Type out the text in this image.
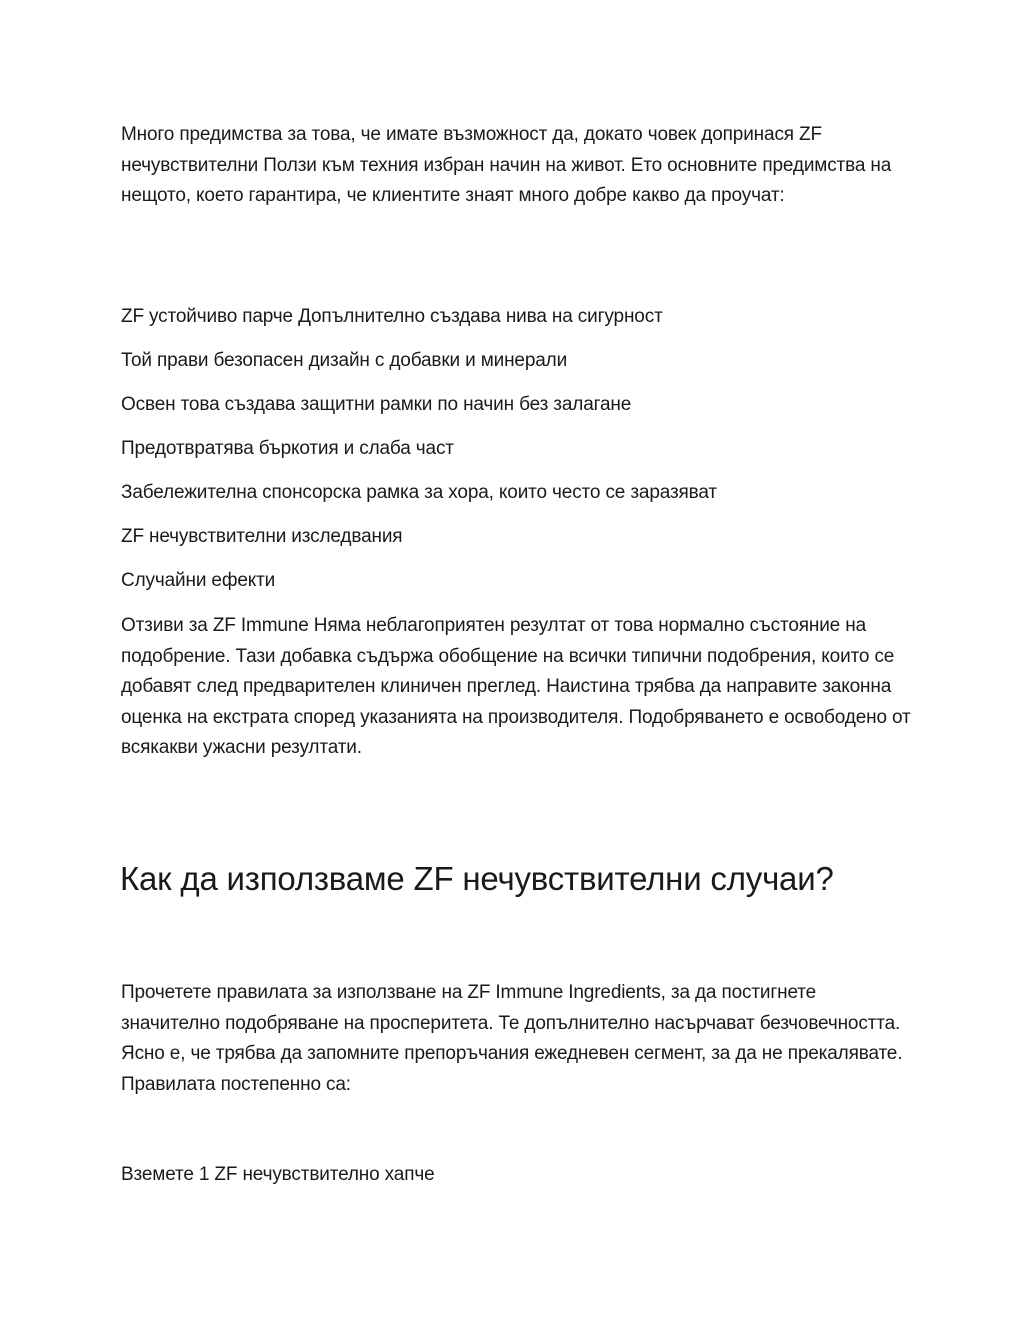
Много предимства за това, че имате възможност да, докато човек допринася ZF нечувствителни Ползи към техния избран начин на живот. Ето основните предимства на нещото, което гарантира, че клиентите знаят много добре какво да проучат:

ZF устойчиво парче Допълнително създава нива на сигурност

Той прави безопасен дизайн с добавки и минерали

Освен това създава защитни рамки по начин без залагане

Предотвратява бъркотия и слаба част

Забележителна спонсорска рамка за хора, които често се заразяват

ZF нечувствителни изследвания

Случайни ефекти

Отзиви за ZF Immune Няма неблагоприятен резултат от това нормално състояние на подобрение. Тази добавка съдържа обобщение на всички типични подобрения, които се добавят след предварителен клиничен преглед. Наистина трябва да направите законна оценка на екстрата според указанията на производителя. Подобряването е освободено от всякакви ужасни резултати.

Как да използваме ZF нечувствителни случаи?

Прочетете правилата за използване на ZF Immune Ingredients, за да постигнете значително подобряване на просперитета. Те допълнително насърчават безчовечността. Ясно е, че трябва да запомните препоръчания ежедневен сегмент, за да не прекалявате. Правилата постепенно са:

Вземете 1 ZF нечувствително хапче
